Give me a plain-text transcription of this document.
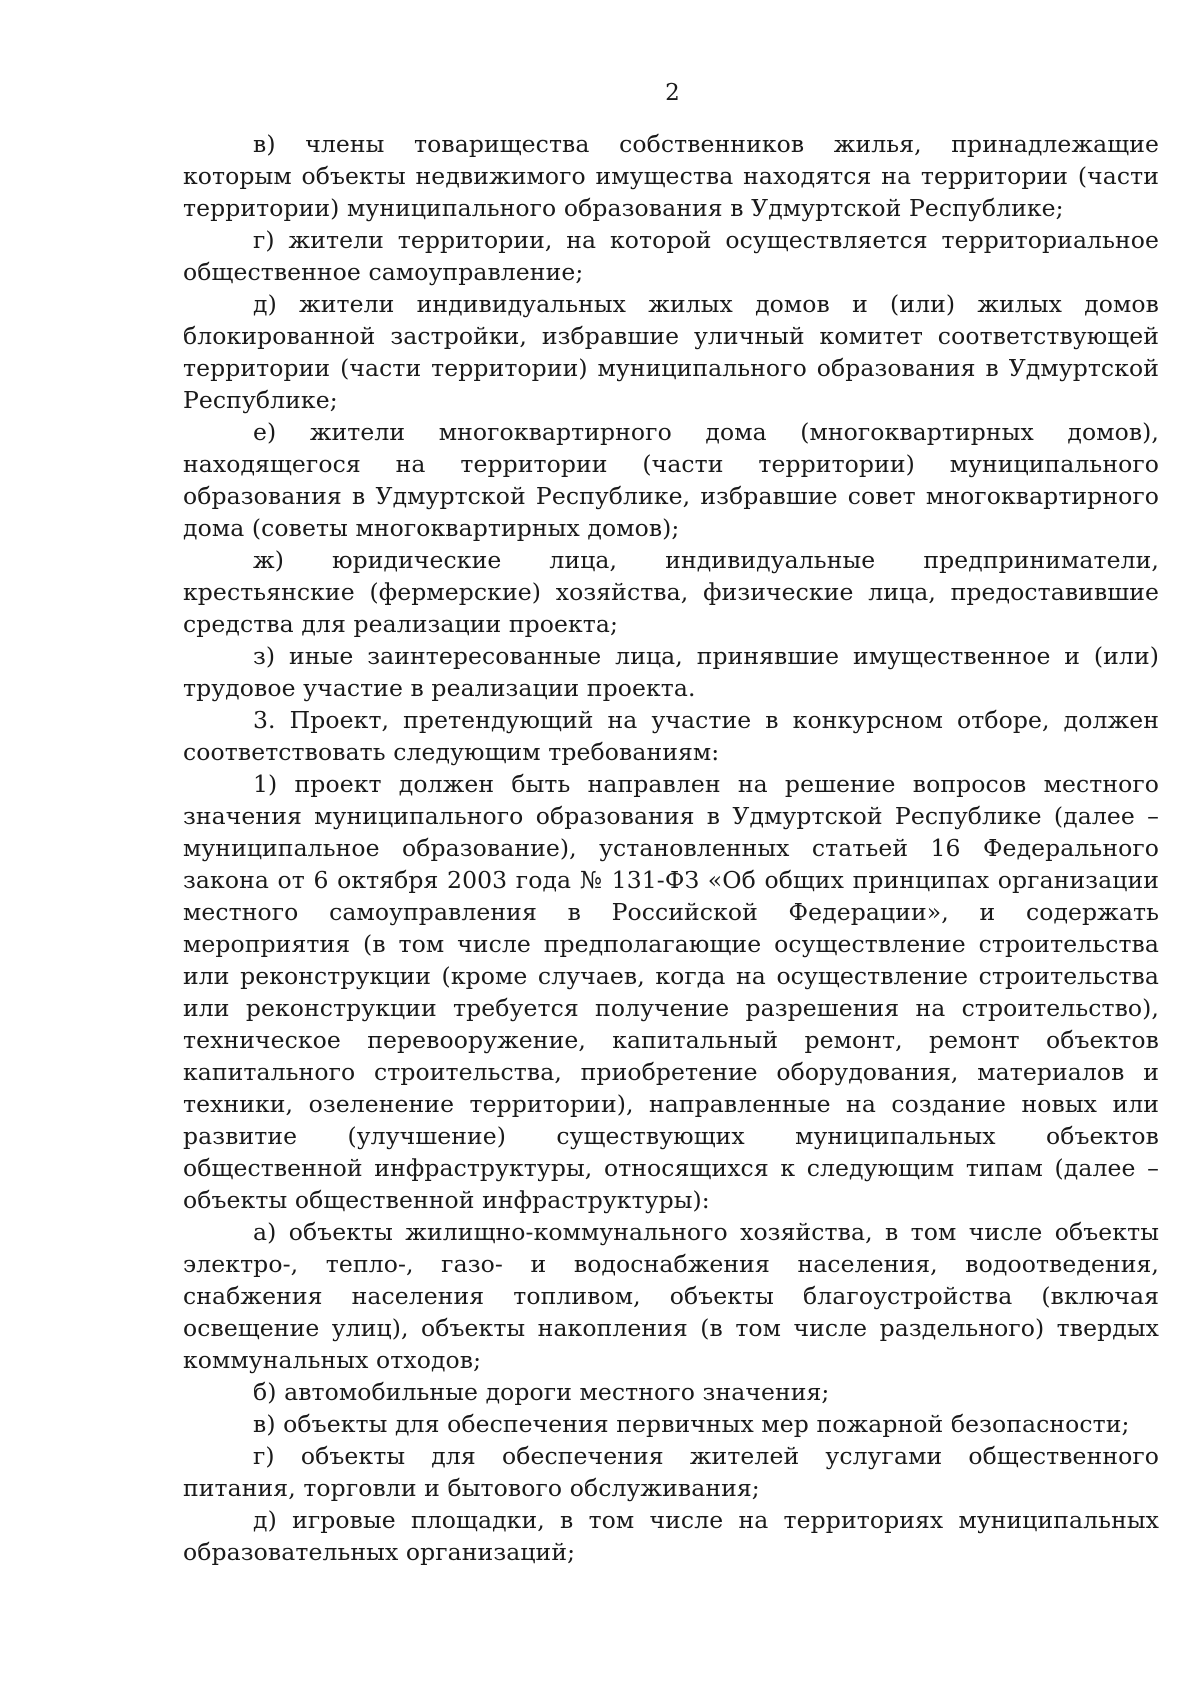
2

в) члены товарищества собственников жилья, принадлежащие которым объекты недвижимого имущества находятся на территории (части территории) муниципального образования в Удмуртской Республике;

г) жители территории, на которой осуществляется территориальное общественное самоуправление;

д) жители индивидуальных жилых домов и (или) жилых домов блокированной застройки, избравшие уличный комитет соответствующей территории (части территории) муниципального образования в Удмуртской Республике;

е) жители многоквартирного дома (многоквартирных домов), находящегося на территории (части территории) муниципального образования в Удмуртской Республике, избравшие совет многоквартирного дома (советы многоквартирных домов);

ж) юридические лица, индивидуальные предприниматели, крестьянские (фермерские) хозяйства, физические лица, предоставившие средства для реализации проекта;

з) иные заинтересованные лица, принявшие имущественное и (или) трудовое участие в реализации проекта.

3. Проект, претендующий на участие в конкурсном отборе, должен соответствовать следующим требованиям:

1) проект должен быть направлен на решение вопросов местного значения муниципального образования в Удмуртской Республике (далее – муниципальное образование), установленных статьей 16 Федерального закона от 6 октября 2003 года № 131-ФЗ «Об общих принципах организации местного самоуправления в Российской Федерации», и содержать мероприятия (в том числе предполагающие осуществление строительства или реконструкции (кроме случаев, когда на осуществление строительства или реконструкции требуется получение разрешения на строительство), техническое перевооружение, капитальный ремонт, ремонт объектов капитального строительства, приобретение оборудования, материалов и техники, озеленение территории), направленные на создание новых или развитие (улучшение) существующих муниципальных объектов общественной инфраструктуры, относящихся к следующим типам (далее – объекты общественной инфраструктуры):

а) объекты жилищно-коммунального хозяйства, в том числе объекты электро-, тепло-, газо- и водоснабжения населения, водоотведения, снабжения населения топливом, объекты благоустройства (включая освещение улиц), объекты накопления (в том числе раздельного) твердых коммунальных отходов;

б) автомобильные дороги местного значения;

в) объекты для обеспечения первичных мер пожарной безопасности;

г) объекты для обеспечения жителей услугами общественного питания, торговли и бытового обслуживания;

д) игровые площадки, в том числе на территориях муниципальных образовательных организаций;
